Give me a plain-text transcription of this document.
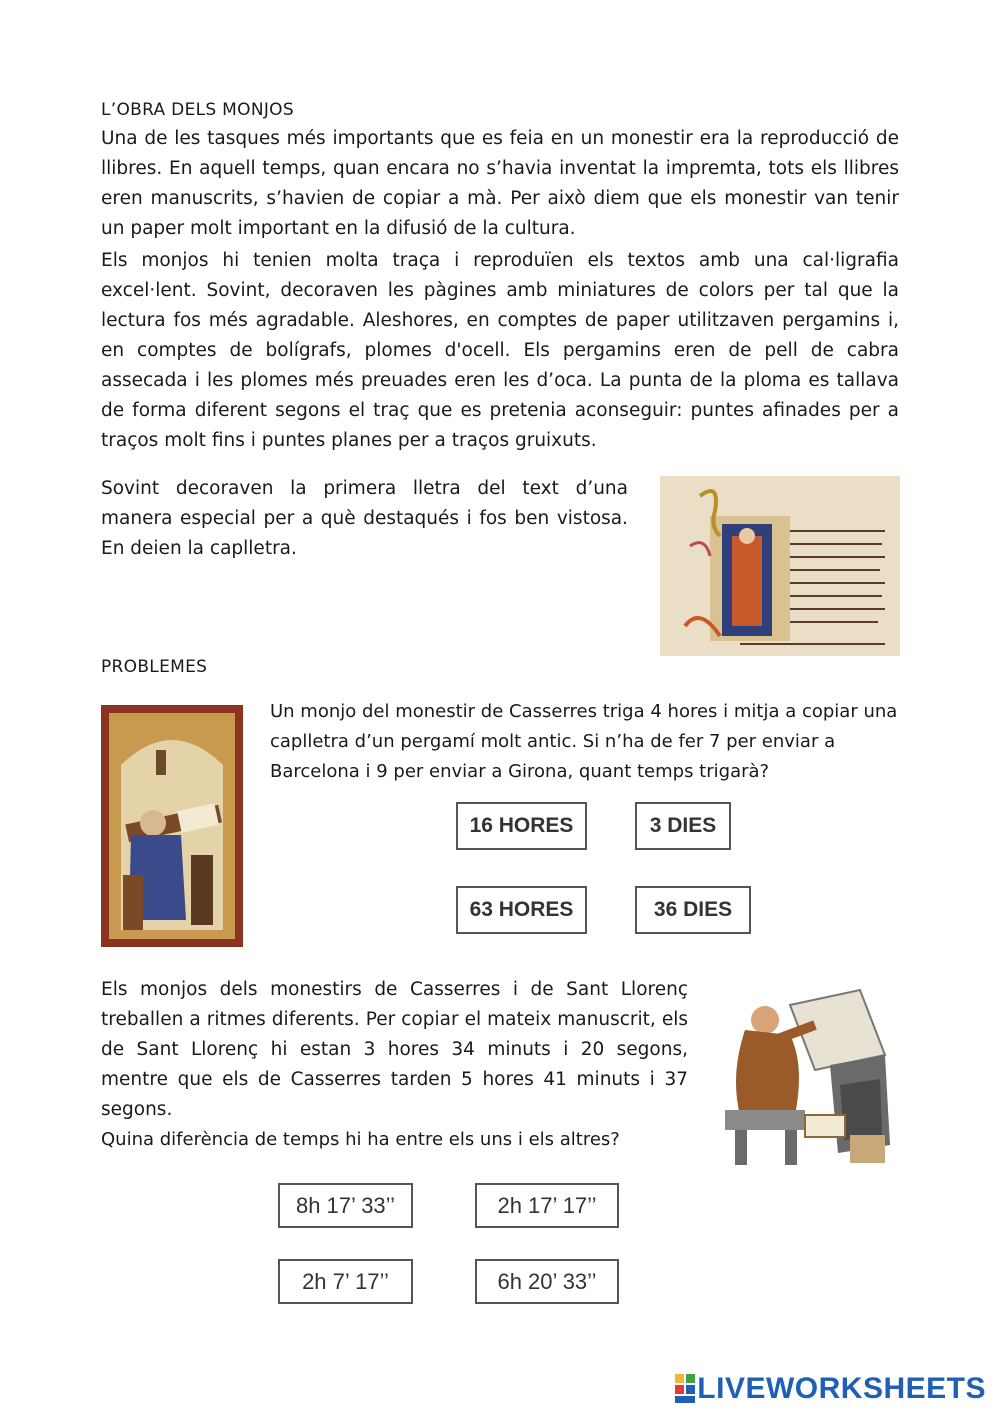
L’OBRA DELS MONJOS
Una de les tasques més importants que es feia en un monestir era la reproducció de llibres. En aquell temps, quan encara no s’havia inventat la impremta, tots els llibres eren manuscrits, s’havien de copiar a mà. Per això diem que els monestir van tenir un paper molt important en la difusió de la cultura.
Els monjos hi tenien molta traça i reproduïen els textos amb una cal·ligrafia excel·lent. Sovint, decoraven les pàgines amb miniatures de colors per tal que la lectura fos més agradable. Aleshores, en comptes de paper utilitzaven pergamins i, en comptes de bolígrafs, plomes d'ocell. Els pergamins eren de pell de cabra assecada i les plomes més preuades eren les d’oca. La punta de la ploma es tallava de forma diferent segons el traç que es pretenia aconseguir: puntes afinades per a traços molt fins i puntes planes per a traços gruixuts.
Sovint decoraven la primera lletra del text d’una manera especial per a què destaqués i fos ben vistosa. En deien la caplletra.
PROBLEMES
Un monjo del monestir de Casserres triga 4 hores i mitja a copiar una caplletra d’un pergamí molt antic. Si n’ha de fer 7 per enviar a Barcelona i 9 per enviar a Girona, quant temps trigarà?
16 HORES	3 DIES
63 HORES	36 DIES
Els monjos dels monestirs de Casserres i de Sant Llorenç treballen a ritmes diferents. Per copiar el mateix manuscrit, els de Sant Llorenç hi estan 3 hores 34 minuts i 20 segons, mentre que els de Casserres tarden 5 hores 41 minuts i 37 segons.
Quina diferència de temps hi ha entre els uns i els altres?
8h 17’ 33’’	2h 17’ 17’’
2h 7’ 17’’	6h 20’ 33’’
LIVEWORKSHEETS
